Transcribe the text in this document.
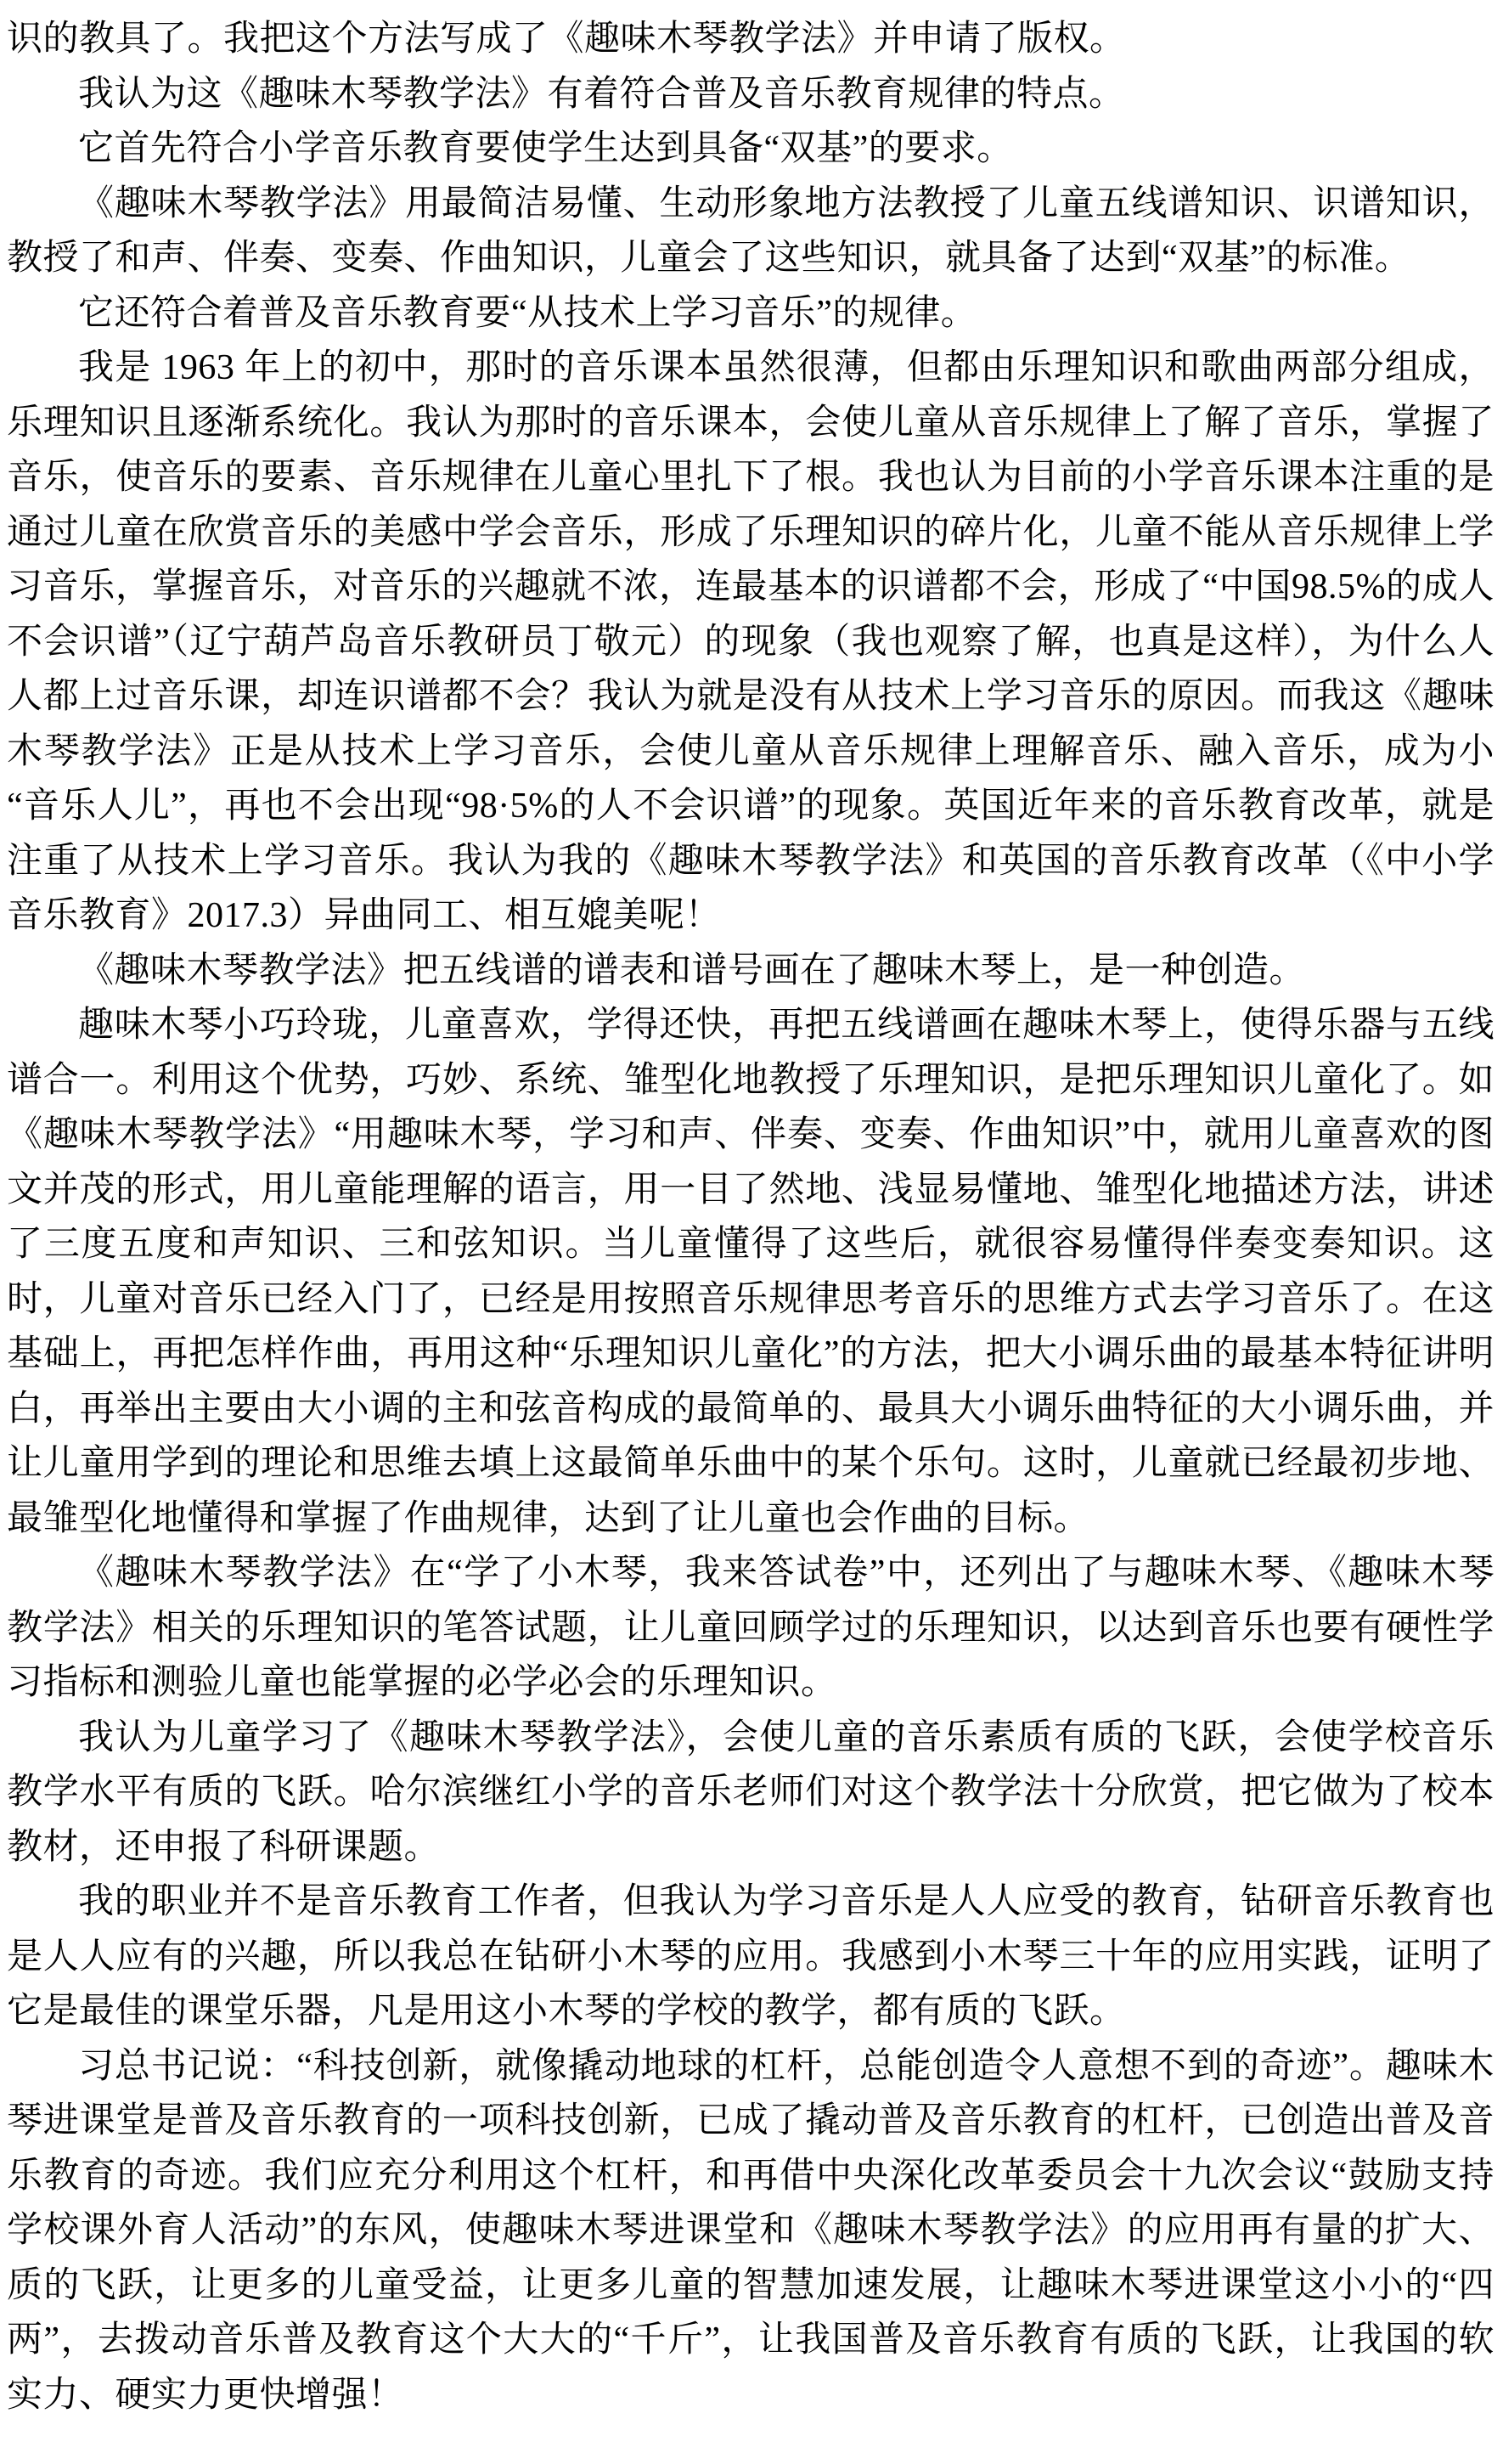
识的教具了。我把这个方法写成了《趣味木琴教学法》并申请了版权。

我认为这《趣味木琴教学法》有着符合普及音乐教育规律的特点。

它首先符合小学音乐教育要使学生达到具备“双基”的要求。

《趣味木琴教学法》用最简洁易懂、生动形象地方法教授了儿童五线谱知识、识谱知识，教授了和声、伴奏、变奏、作曲知识，儿童会了这些知识，就具备了达到“双基”的标准。

它还符合着普及音乐教育要“从技术上学习音乐”的规律。

我是 1963 年上的初中，那时的音乐课本虽然很薄，但都由乐理知识和歌曲两部分组成，乐理知识且逐渐系统化。我认为那时的音乐课本，会使儿童从音乐规律上了解了音乐，掌握了音乐，使音乐的要素、音乐规律在儿童心里扎下了根。我也认为目前的小学音乐课本注重的是通过儿童在欣赏音乐的美感中学会音乐，形成了乐理知识的碎片化，儿童不能从音乐规律上学习音乐，掌握音乐，对音乐的兴趣就不浓，连最基本的识谱都不会，形成了“中国98.5%的成人不会识谱”（辽宁葫芦岛音乐教研员丁敬元）的现象（我也观察了解，也真是这样），为什么人人都上过音乐课，却连识谱都不会？我认为就是没有从技术上学习音乐的原因。而我这《趣味木琴教学法》正是从技术上学习音乐，会使儿童从音乐规律上理解音乐、融入音乐，成为小“音乐人儿”，再也不会出现“98·5%的人不会识谱”的现象。英国近年来的音乐教育改革，就是注重了从技术上学习音乐。我认为我的《趣味木琴教学法》和英国的音乐教育改革（《中小学音乐教育》2017.3）异曲同工、相互媲美呢！

《趣味木琴教学法》把五线谱的谱表和谱号画在了趣味木琴上，是一种创造。

趣味木琴小巧玲珑，儿童喜欢，学得还快，再把五线谱画在趣味木琴上，使得乐器与五线谱合一。利用这个优势，巧妙、系统、雏型化地教授了乐理知识，是把乐理知识儿童化了。如《趣味木琴教学法》“用趣味木琴，学习和声、伴奏、变奏、作曲知识”中，就用儿童喜欢的图文并茂的形式，用儿童能理解的语言，用一目了然地、浅显易懂地、雏型化地描述方法，讲述了三度五度和声知识、三和弦知识。当儿童懂得了这些后，就很容易懂得伴奏变奏知识。这时，儿童对音乐已经入门了，已经是用按照音乐规律思考音乐的思维方式去学习音乐了。在这基础上，再把怎样作曲，再用这种“乐理知识儿童化”的方法，把大小调乐曲的最基本特征讲明白，再举出主要由大小调的主和弦音构成的最简单的、最具大小调乐曲特征的大小调乐曲，并让儿童用学到的理论和思维去填上这最简单乐曲中的某个乐句。这时，儿童就已经最初步地、最雏型化地懂得和掌握了作曲规律，达到了让儿童也会作曲的目标。

《趣味木琴教学法》在“学了小木琴，我来答试卷”中，还列出了与趣味木琴、《趣味木琴教学法》相关的乐理知识的笔答试题，让儿童回顾学过的乐理知识，以达到音乐也要有硬性学习指标和测验儿童也能掌握的必学必会的乐理知识。

我认为儿童学习了《趣味木琴教学法》，会使儿童的音乐素质有质的飞跃，会使学校音乐教学水平有质的飞跃。哈尔滨继红小学的音乐老师们对这个教学法十分欣赏，把它做为了校本教材，还申报了科研课题。

我的职业并不是音乐教育工作者，但我认为学习音乐是人人应受的教育，钻研音乐教育也是人人应有的兴趣，所以我总在钻研小木琴的应用。我感到小木琴三十年的应用实践，证明了它是最佳的课堂乐器，凡是用这小木琴的学校的教学，都有质的飞跃。

习总书记说：“科技创新，就像撬动地球的杠杆，总能创造令人意想不到的奇迹”。趣味木琴进课堂是普及音乐教育的一项科技创新，已成了撬动普及音乐教育的杠杆，已创造出普及音乐教育的奇迹。我们应充分利用这个杠杆，和再借中央深化改革委员会十九次会议“鼓励支持学校课外育人活动”的东风，使趣味木琴进课堂和《趣味木琴教学法》的应用再有量的扩大、质的飞跃，让更多的儿童受益，让更多儿童的智慧加速发展，让趣味木琴进课堂这小小的“四两”，去拨动音乐普及教育这个大大的“千斤”，让我国普及音乐教育有质的飞跃，让我国的软实力、硬实力更快增强！
